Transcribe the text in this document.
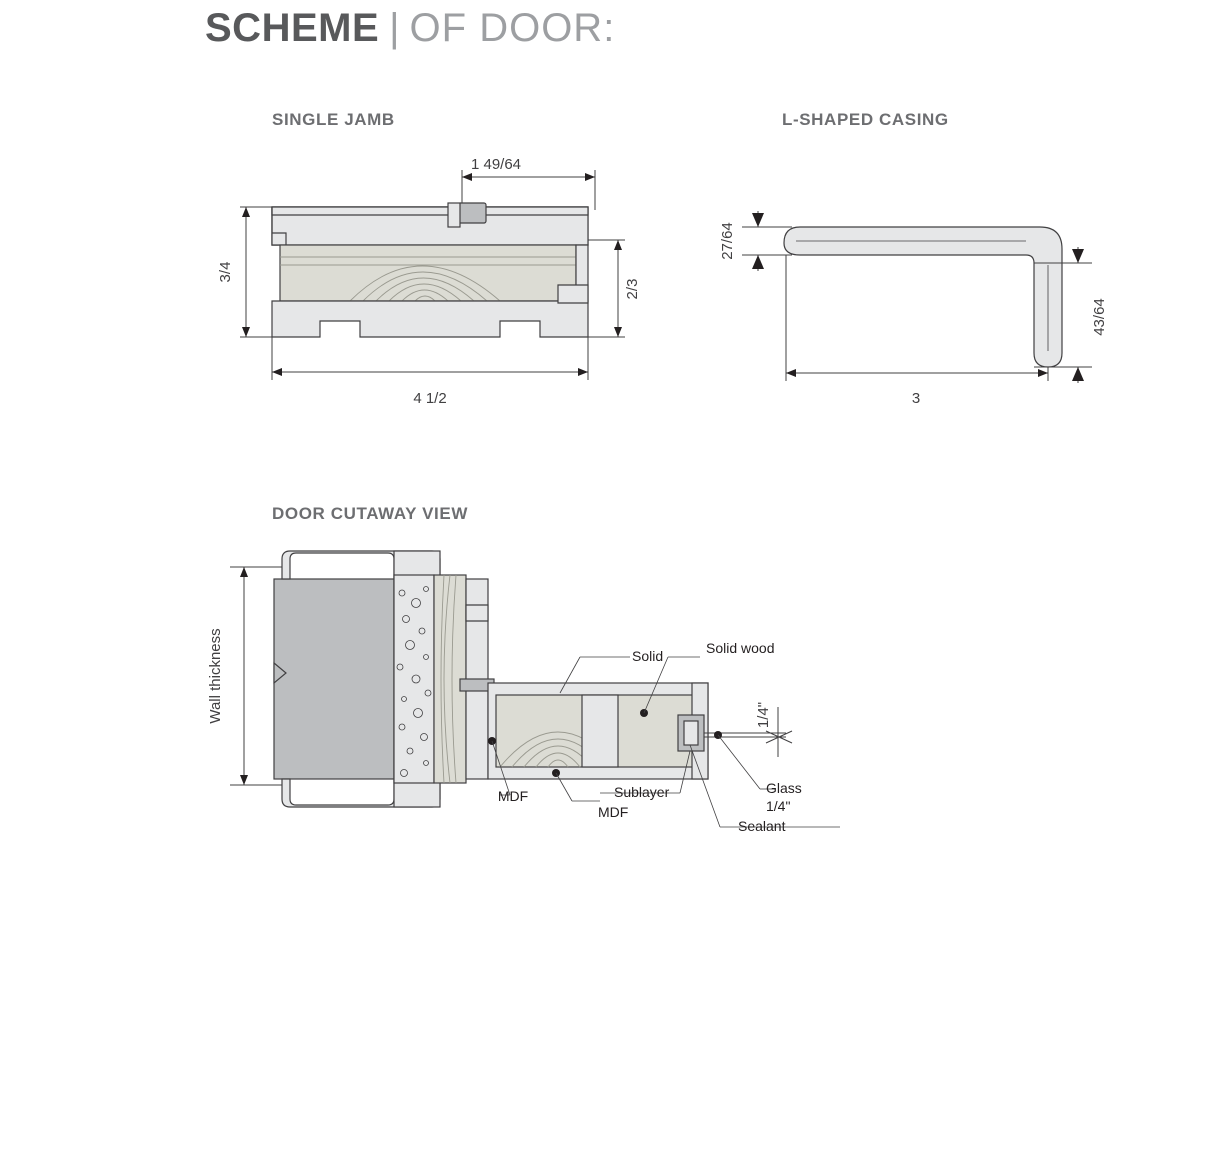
SCHEME | OF DOOR:
SINGLE JAMB	L-SHAPED CASING
DOOR CUTAWAY VIEW
1 49/64
3/4
2/3
4 1/2
27/64
43/64
3
Wall thickness	1/4"
Solid	Solid wood
MDF	Sublayer
MDF
Glass
1/4"
Sealant
